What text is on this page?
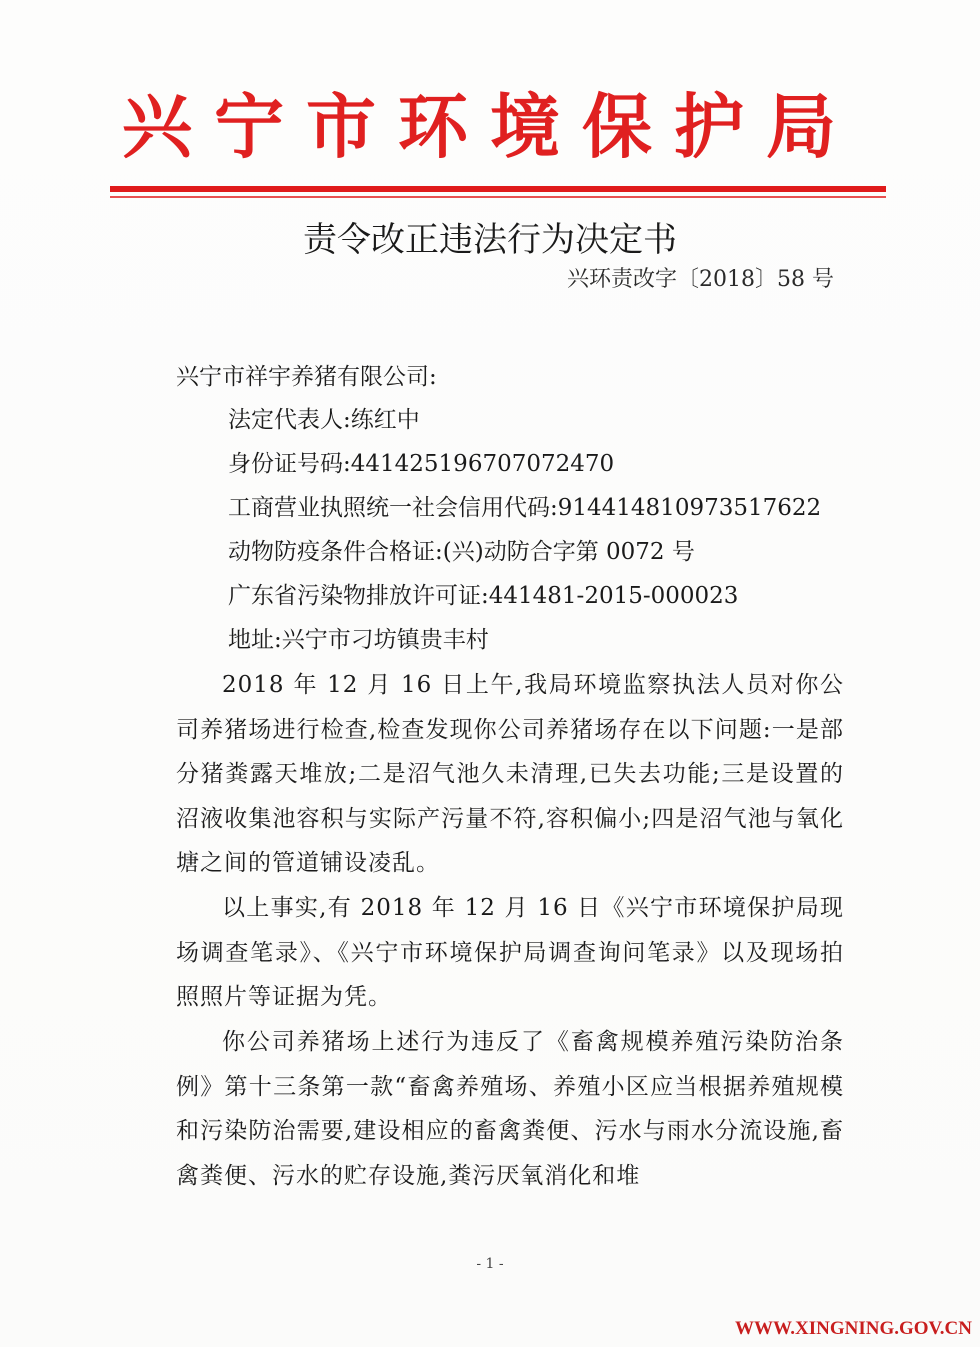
兴宁市环境保护局
责令改正违法行为决定书
兴环责改字〔2018〕58 号
兴宁市祥宇养猪有限公司:
法定代表人:练红中
身份证号码:441425196707072470
工商营业执照统一社会信用代码:914414810973517622
动物防疫条件合格证:(兴)动防合字第 0072 号
广东省污染物排放许可证:441481-2015-000023
地址:兴宁市刁坊镇贵丰村
2018 年 12 月 16 日上午,我局环境监察执法人员对你公司养猪场进行检查,检查发现你公司养猪场存在以下问题:一是部分猪粪露天堆放;二是沼气池久未清理,已失去功能;三是设置的沼液收集池容积与实际产污量不符,容积偏小;四是沼气池与氧化塘之间的管道铺设凌乱。
以上事实,有 2018 年 12 月 16 日《兴宁市环境保护局现场调查笔录》、《兴宁市环境保护局调查询问笔录》以及现场拍照照片等证据为凭。
你公司养猪场上述行为违反了《畜禽规模养殖污染防治条例》第十三条第一款“畜禽养殖场、养殖小区应当根据养殖规模和污染防治需要,建设相应的畜禽粪便、污水与雨水分流设施,畜禽粪便、污水的贮存设施,粪污厌氧消化和堆
- 1 -
WWW.XINGNING.GOV.CN
